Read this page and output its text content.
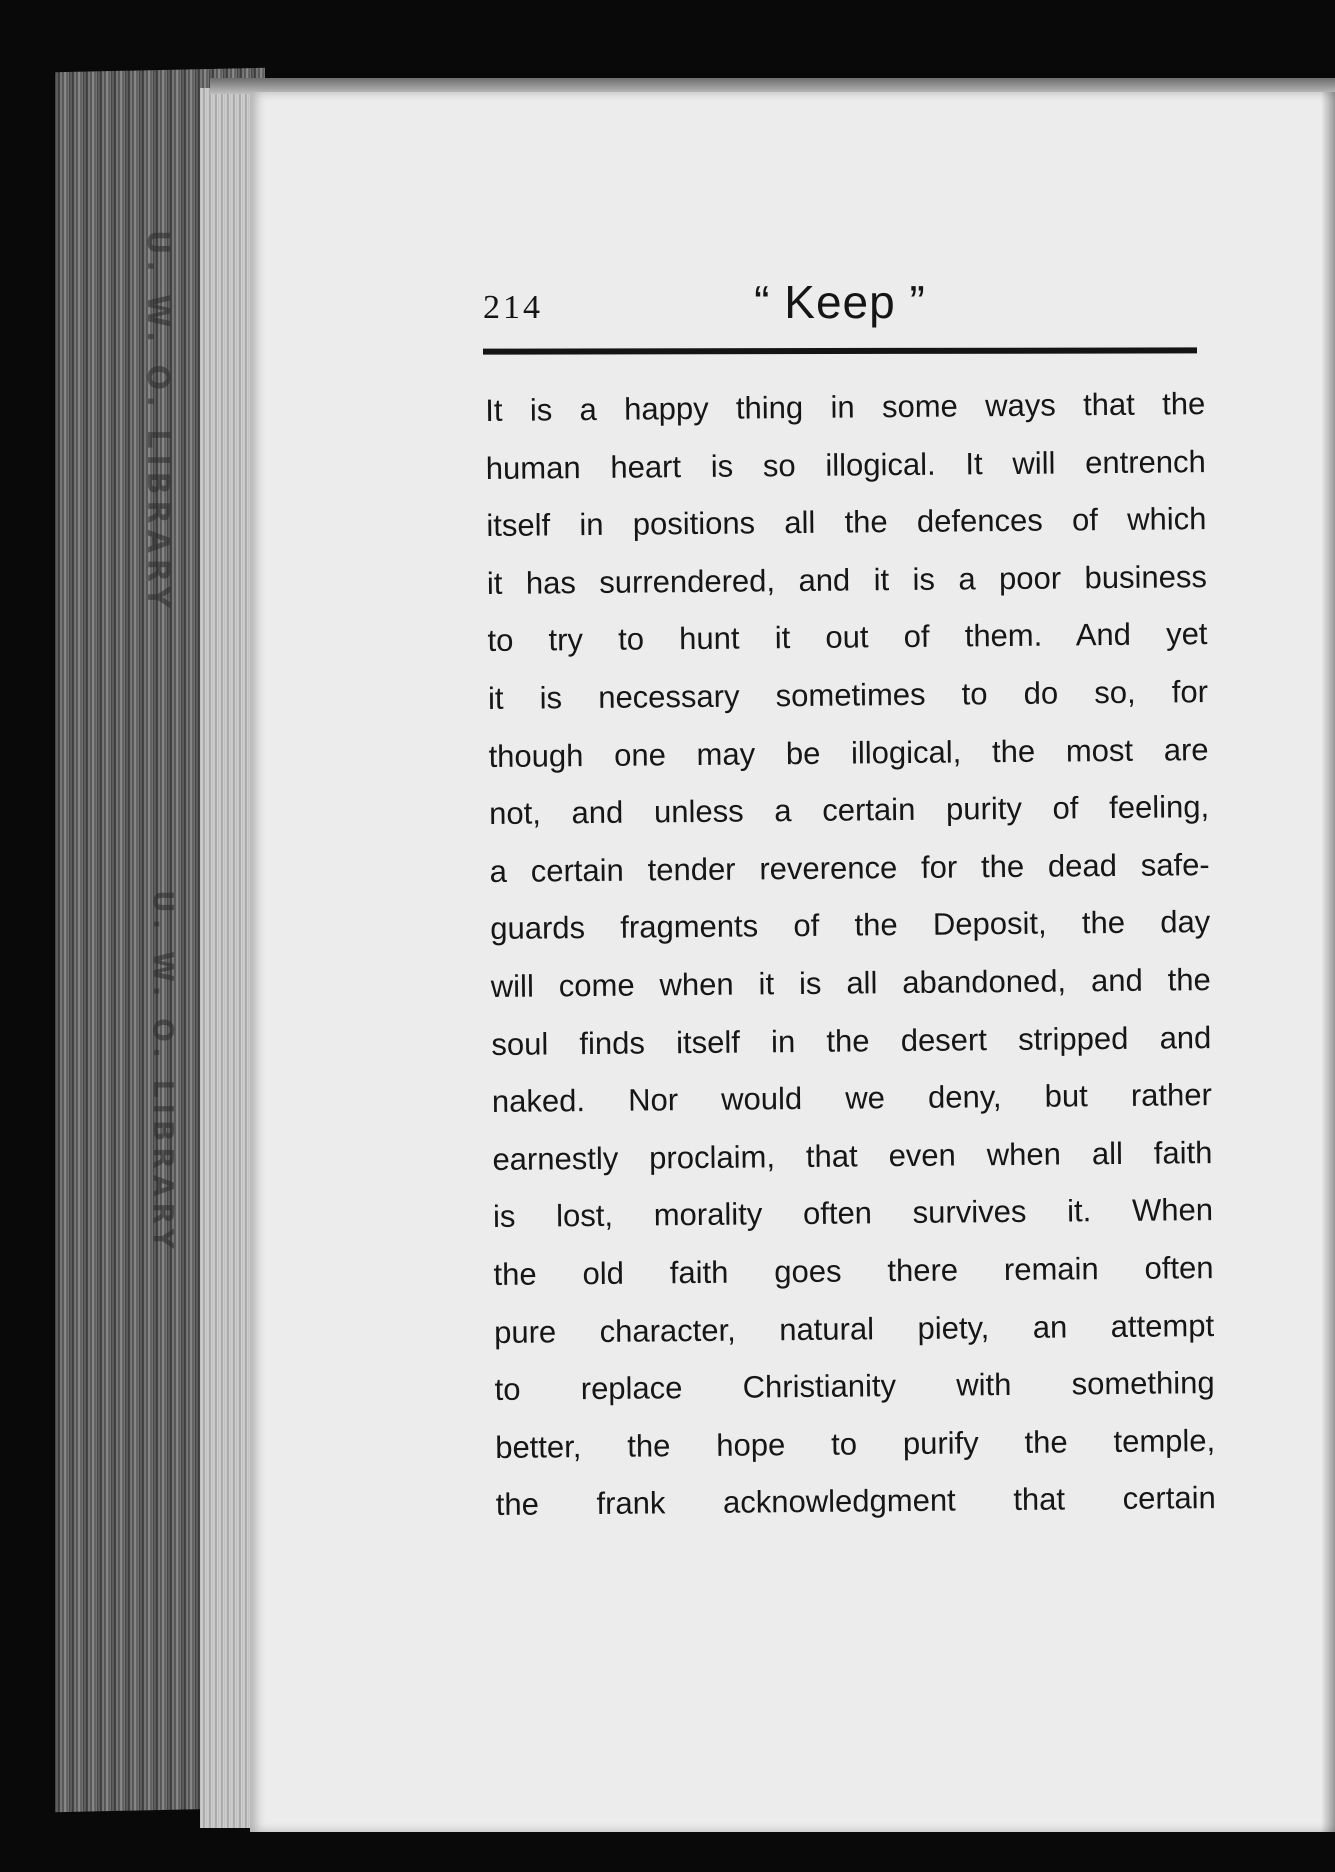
U. W. O. LIBRARY
U. W. O. LIBRARY
214	“ Keep ”
It is a happy thing in some ways that the
human heart is so illogical. It will entrench
itself in positions all the defences of which
it has surrendered, and it is a poor business
to try to hunt it out of them. And yet
it is necessary sometimes to do so, for
though one may be illogical, the most are
not, and unless a certain purity of feeling,
a certain tender reverence for the dead safe-
guards fragments of the Deposit, the day
will come when it is all abandoned, and the
soul finds itself in the desert stripped and
naked. Nor would we deny, but rather
earnestly proclaim, that even when all faith
is lost, morality often survives it. When
the old faith goes there remain often
pure character, natural piety, an attempt
to replace Christianity with something
better, the hope to purify the temple,
the frank acknowledgment that certain
